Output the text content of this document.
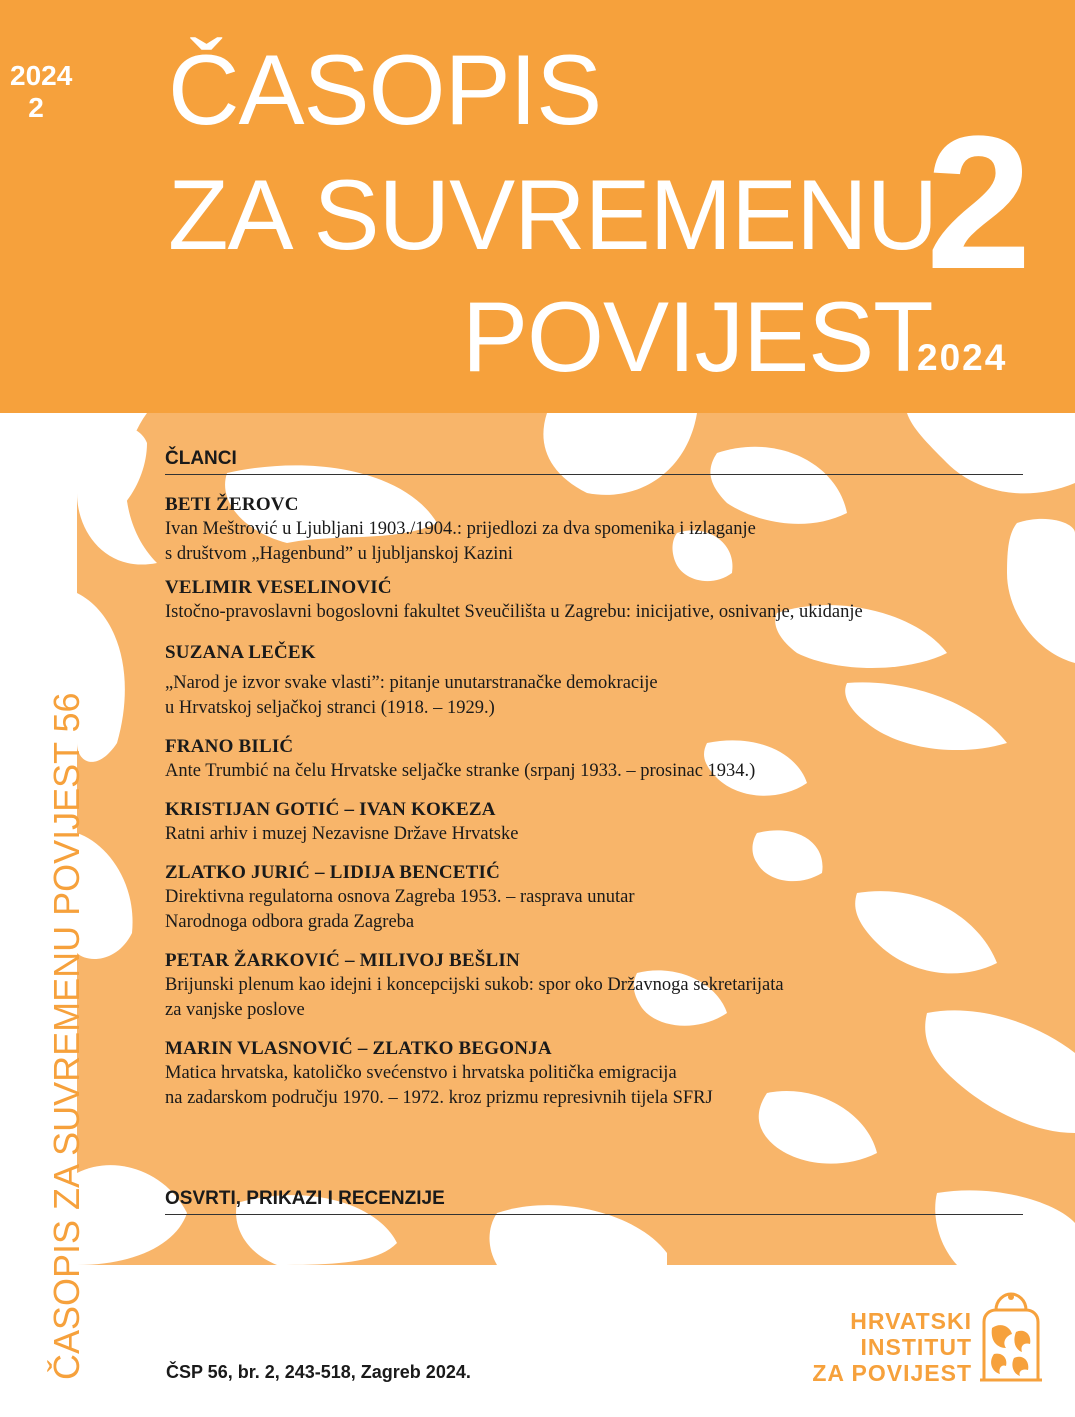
2024
2 ČASOPIS
ZA SUVREMENU
POVIJEST
2
2024
ČASOPIS ZA SUVREMENU POVIJEST 56
ČLANCI
BETI ŽEROVC
Ivan Meštrović u Ljubljani 1903./1904.: prijedlozi za dva spomenika i izlaganje
s društvom „Hagenbund” u ljubljanskoj Kazini
VELIMIR VESELINOVIĆ
Istočno-pravoslavni bogoslovni fakultet Sveučilišta u Zagrebu: inicijative, osnivanje, ukidanje
SUZANA LEČEK
„Narod je izvor svake vlasti”: pitanje unutarstranačke demokracije
u Hrvatskoj seljačkoj stranci (1918. – 1929.)
FRANO BILIĆ
Ante Trumbić na čelu Hrvatske seljačke stranke (srpanj 1933. – prosinac 1934.)
KRISTIJAN GOTIĆ – IVAN KOKEZA
Ratni arhiv i muzej Nezavisne Države Hrvatske
ZLATKO JURIĆ – LIDIJA BENCETIĆ
Direktivna regulatorna osnova Zagreba 1953. – rasprava unutar
Narodnoga odbora grada Zagreba
PETAR ŽARKOVIĆ – MILIVOJ BEŠLIN
Brijunski plenum kao idejni i koncepcijski sukob: spor oko Državnoga sekretarijata
za vanjske poslove
MARIN VLASNOVIĆ – ZLATKO BEGONJA
Matica hrvatska, katoličko svećenstvo i hrvatska politička emigracija
na zadarskom području 1970. – 1972. kroz prizmu represivnih tijela SFRJ
OSVRTI, PRIKAZI I RECENZIJE
ČSP 56, br. 2, 243-518, Zagreb 2024.
HRVATSKI
INSTITUT
ZA POVIJEST
